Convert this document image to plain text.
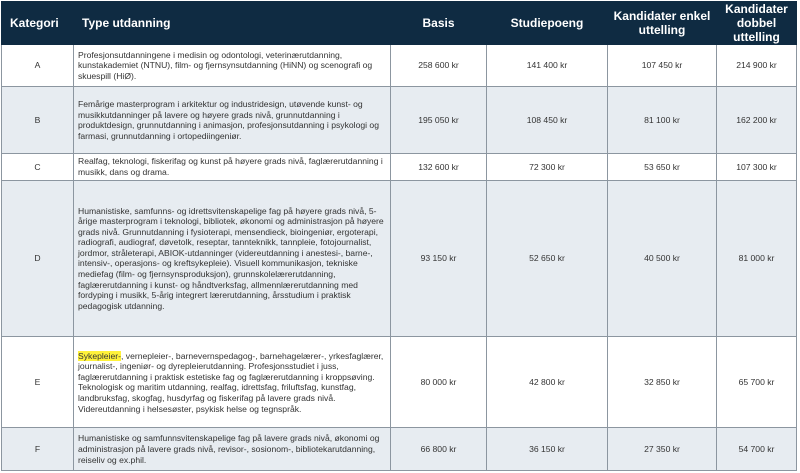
Kategori	Type utdanning	Basis	Studiepoeng	Kandidater enkel uttelling	Kandidater dobbel uttelling
A	Profesjonsutdanningene i medisin og odontologi, veterinærutdanning, kunstakademiet (NTNU), film- og fjernsynsutdanning (HiNN) og scenografi og skuespill (HiØ).	258 600 kr	141 400 kr	107 450 kr	214 900 kr
B	Femårige masterprogram i arkitektur og industridesign, utøvende kunst- og musikkutdanninger på lavere og høyere grads nivå, grunnutdanning i produktdesign, grunnutdanning i animasjon, profesjonsutdanning i psykologi og farmasi, grunnutdanning i ortopediingeniør.	195 050 kr	108 450 kr	81 100 kr	162 200 kr
C	Realfag, teknologi, fiskerifag og kunst på høyere grads nivå, faglærerutdanning i musikk, dans og drama.	132 600 kr	72 300 kr	53 650 kr	107 300 kr
D	Humanistiske, samfunns- og idrettsvitenskapelige fag på høyere grads nivå, 5-årige masterprogram i teknologi, bibliotek, økonomi og administrasjon på høyere grads nivå. Grunnutdanning i fysioterapi, mensendieck, bioingeniør, ergoterapi, radiografi, audiograf, døvetolk, reseptar, tannteknikk, tannpleie, fotojournalist, jordmor, stråleterapi, ABIOK-utdanninger (videreutdanning i anestesi-, barne-, intensiv-, operasjons- og kreftsykepleie). Visuell kommunikasjon, tekniske mediefag (film- og fjernsynsproduksjon), grunnskolelærerutdanning, faglærerutdanning i kunst- og håndtverksfag, allmennlærerutdanning med fordyping i musikk, 5-årig integrert lærerutdanning, årsstudium i praktisk pedagogisk utdanning.	93 150 kr	52 650 kr	40 500 kr	81 000 kr
E	Sykepleier-, vernepleier-, barnevernspedagog-, barnehagelærer-, yrkesfaglærer, journalist-, ingeniør- og dyrepleierutdanning. Profesjonsstudiet i juss, faglærerutdanning i praktisk estetiske fag og faglærerutdanning i kroppsøving. Teknologisk og maritim utdanning, realfag, idrettsfag, friluftsfag, kunstfag, landbruksfag, skogfag, husdyrfag og fiskerifag på lavere grads nivå. Videreutdanning i helsesøster, psykisk helse og tegnspråk.	80 000 kr	42 800 kr	32 850 kr	65 700 kr
F	Humanistiske og samfunnsvitenskapelige fag på lavere grads nivå, økonomi og administrasjon på lavere grads nivå, revisor-, sosionom-, bibliotekarutdanning, reiseliv og ex.phil.	66 800 kr	36 150 kr	27 350 kr	54 700 kr
